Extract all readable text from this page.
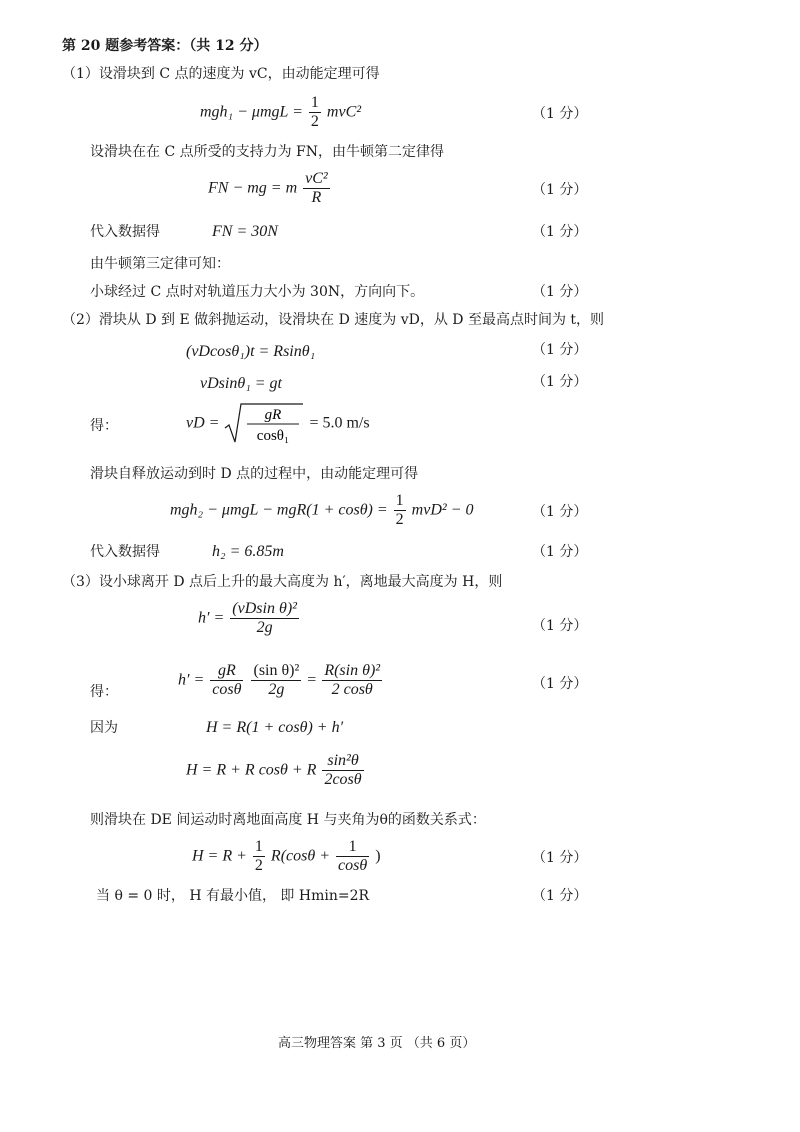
第 20 题参考答案：（共 12 分）
（1）设滑块到 C 点的速度为 vC，由动能定理可得
$mgh_1 - \mu mgL = \frac{1}{2} mvC^2$	（1 分）
设滑块在在 C 点所受的支持力为 FN，由牛顿第二定律得
FN − mg = m $\frac{\text{vC²}}{R}$	（1 分）
代入数据得	FN = 30N	（1 分）
由牛顿第三定律可知：
小球经过 C 点时对轨道压力大小为 30N，方向向下。	（1 分）
（2）滑块从 D 到 E 做斜抛运动，设滑块在 D 速度为 vD，从 D 至最高点时间为 t，则
(vDcosθ₁)t = Rsinθ₁	（1 分）
vDsinθ₁ = gt	（1 分）
得：	vD =	gR
cosθ₁
= 5.0 m/s
滑块自释放运动到时 D 点的过程中，由动能定理可得
$mgh_2 - \mu mgL - mgR(1 + \cos\theta) = \frac{1}{2} mvD^2 - 0$	（1 分）
代入数据得	h₂ = 6.85m	（1 分）
（3）设小球离开 D 点后上升的最大高度为 h′，离地最大高度为 H，则
$h' = \frac{\text{(vDsin θ)²}}{2g}$	（1 分）
得：
$h' = \frac{gR}{\cos\theta}$
$\frac{\text{(sin θ)²}}{2g} = \frac{\text{R(sin θ)²}}{2 \cos\theta}$	（1 分）
因为	H = R(1 + cosθ) + h′
H = R + R cosθ + R $\frac{\text{sin²θ}}{2\cos\theta}$
则滑块在 DE 间运动时离地面高度 H 与夹角为θ的函数关系式：
$H = R + \frac{1}{2} R(\cos\theta + \frac{1}{\cos\theta}$ )	（1 分）
当 θ = 0 时， H 有最小值， 即 Hmin=2R	（1 分）
高三物理答案 第 3 页 （共 6 页）
